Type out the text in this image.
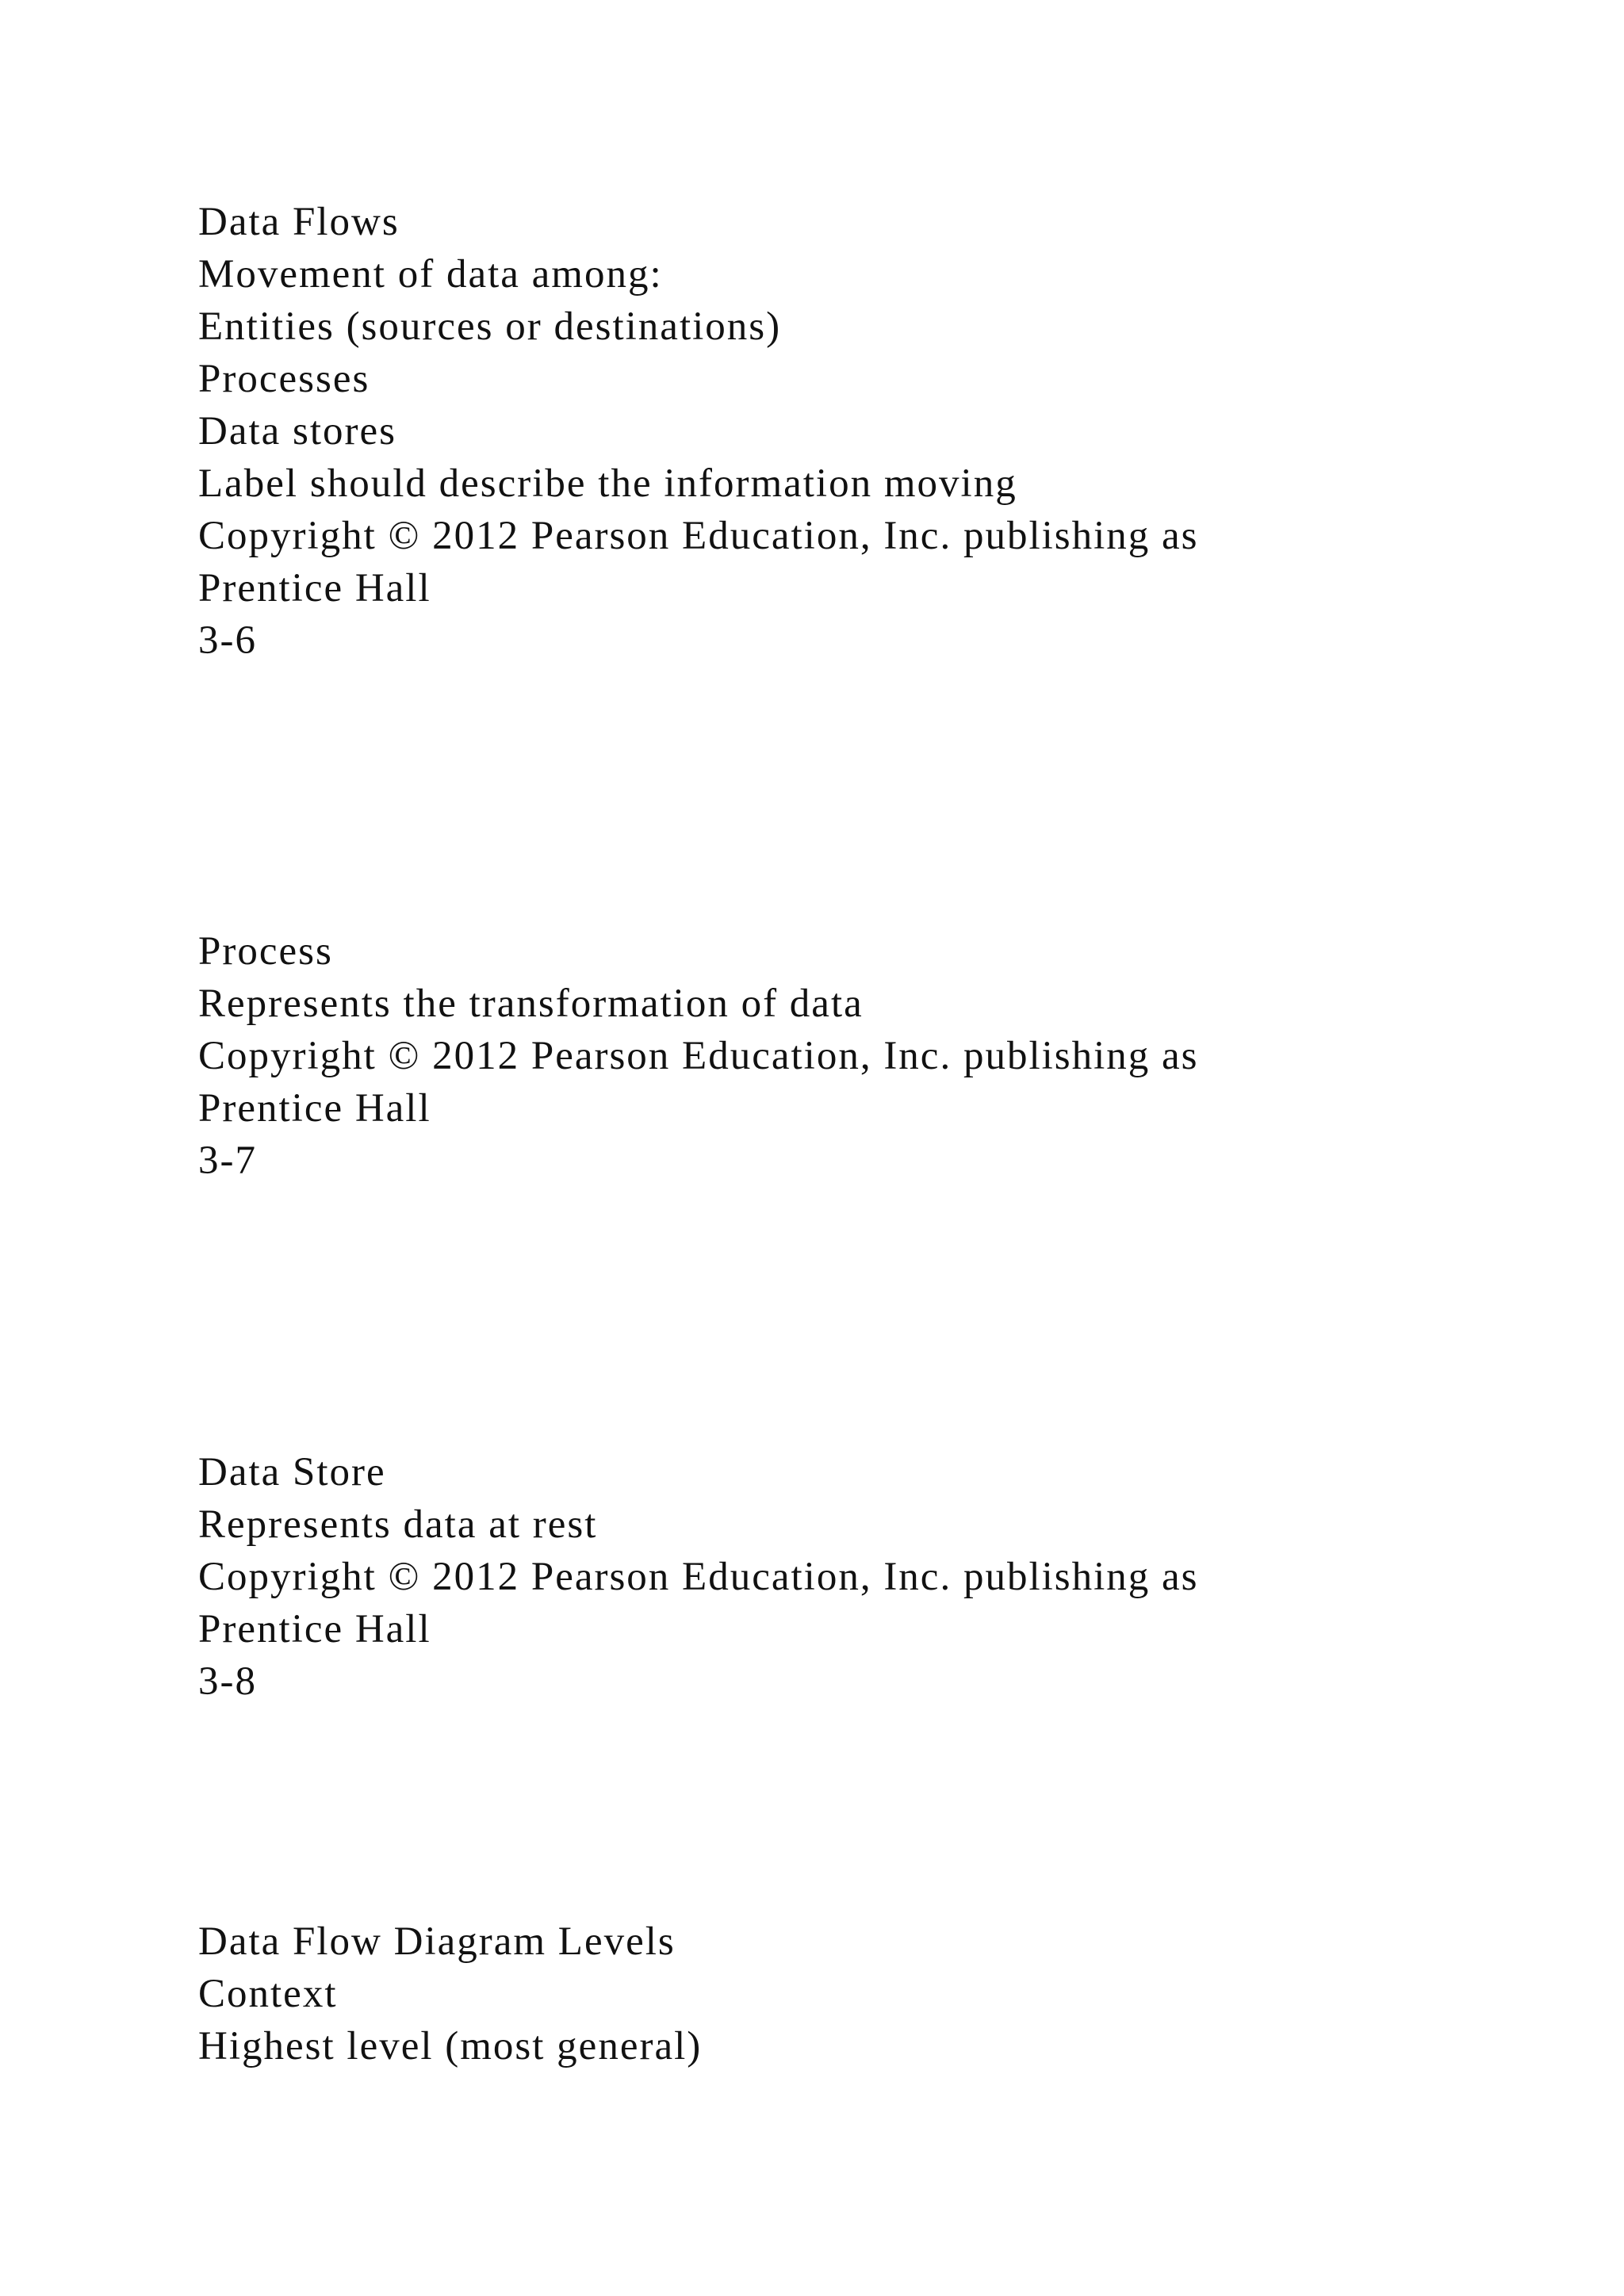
Data Flows
Movement of data among:
Entities (sources or destinations)
Processes
Data stores
Label should describe the information moving
Copyright © 2012 Pearson Education, Inc. publishing as
Prentice Hall
3-6
Process
Represents the transformation of data
Copyright © 2012 Pearson Education, Inc. publishing as
Prentice Hall
3-7
Data Store
Represents data at rest
Copyright © 2012 Pearson Education, Inc. publishing as
Prentice Hall
3-8
Data Flow Diagram Levels
Context
Highest level (most general)
